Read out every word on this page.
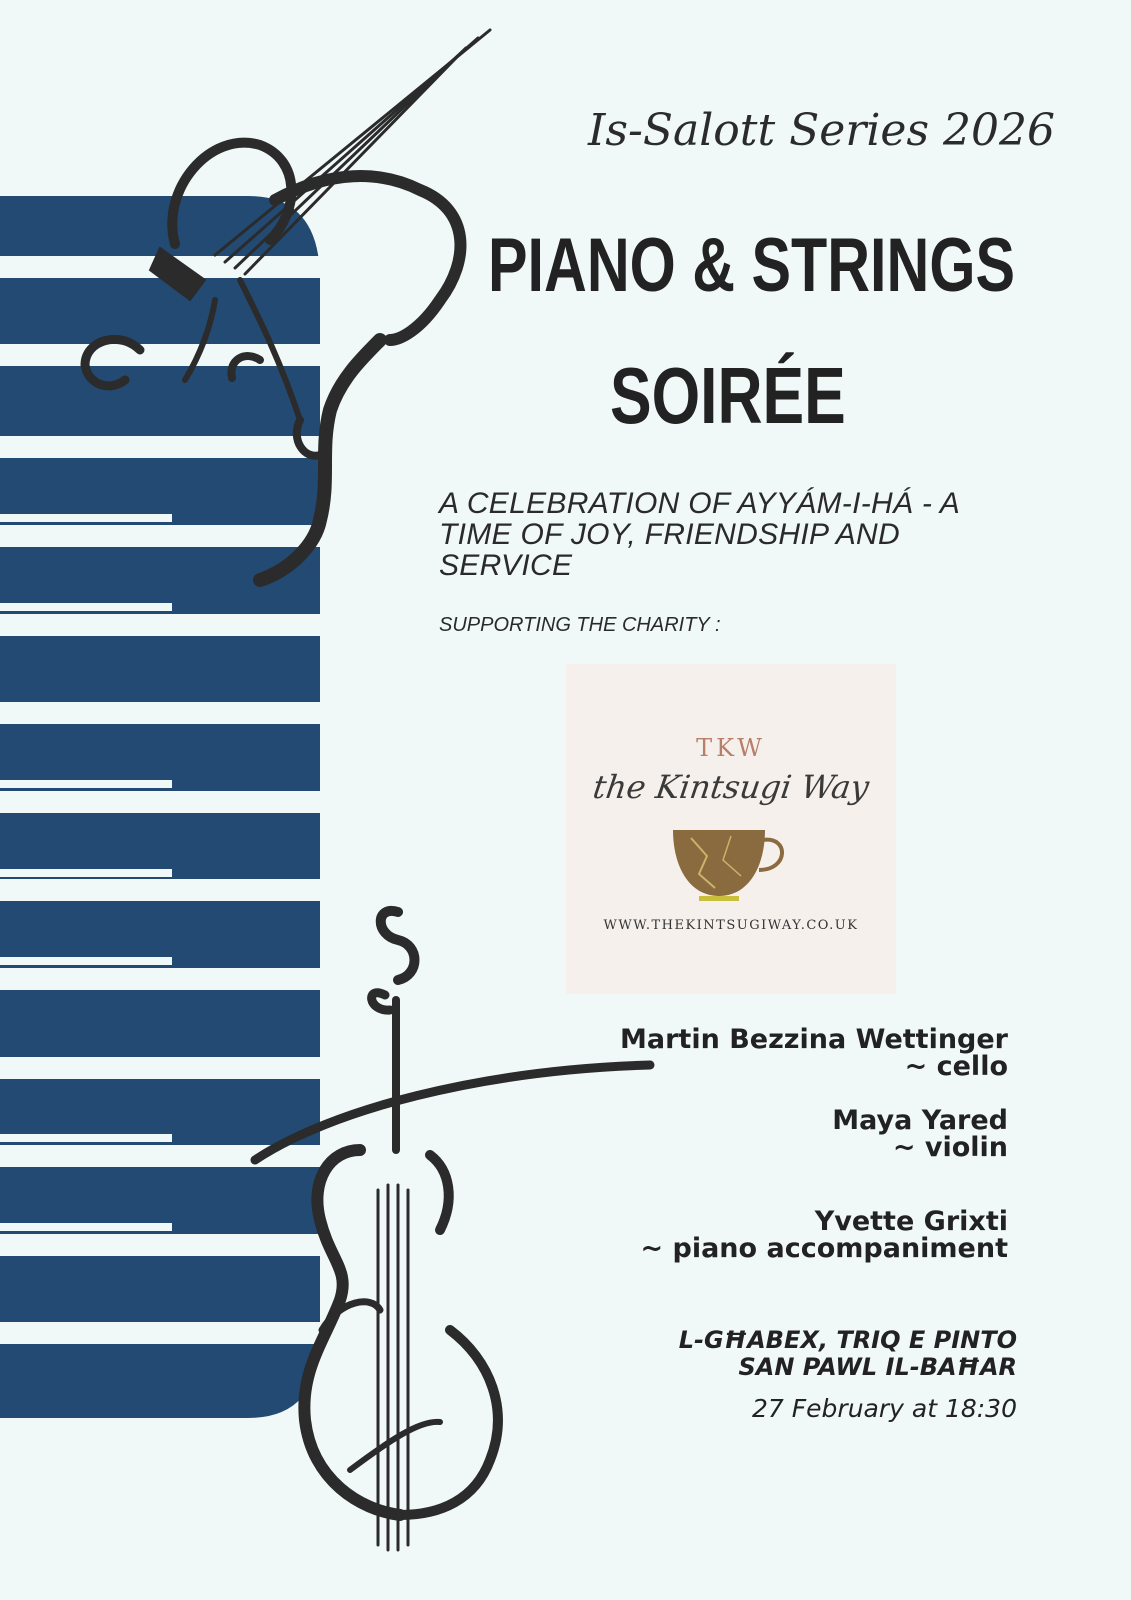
Is-Salott Series 2026
PIANO & STRINGS
SOIRÉE
A CELEBRATION OF AYYÁM-I-HÁ - A
TIME OF JOY, FRIENDSHIP AND
SERVICE
SUPPORTING THE CHARITY :
TKW
the Kintsugi Way
WWW.THEKINTSUGIWAY.CO.UK
Martin Bezzina Wettinger
~ cello
Maya Yared
~ violin
Yvette Grixti
~ piano accompaniment
L-GĦABEX, TRIQ E PINTO
SAN PAWL IL-BAĦAR
27 February at 18:30
